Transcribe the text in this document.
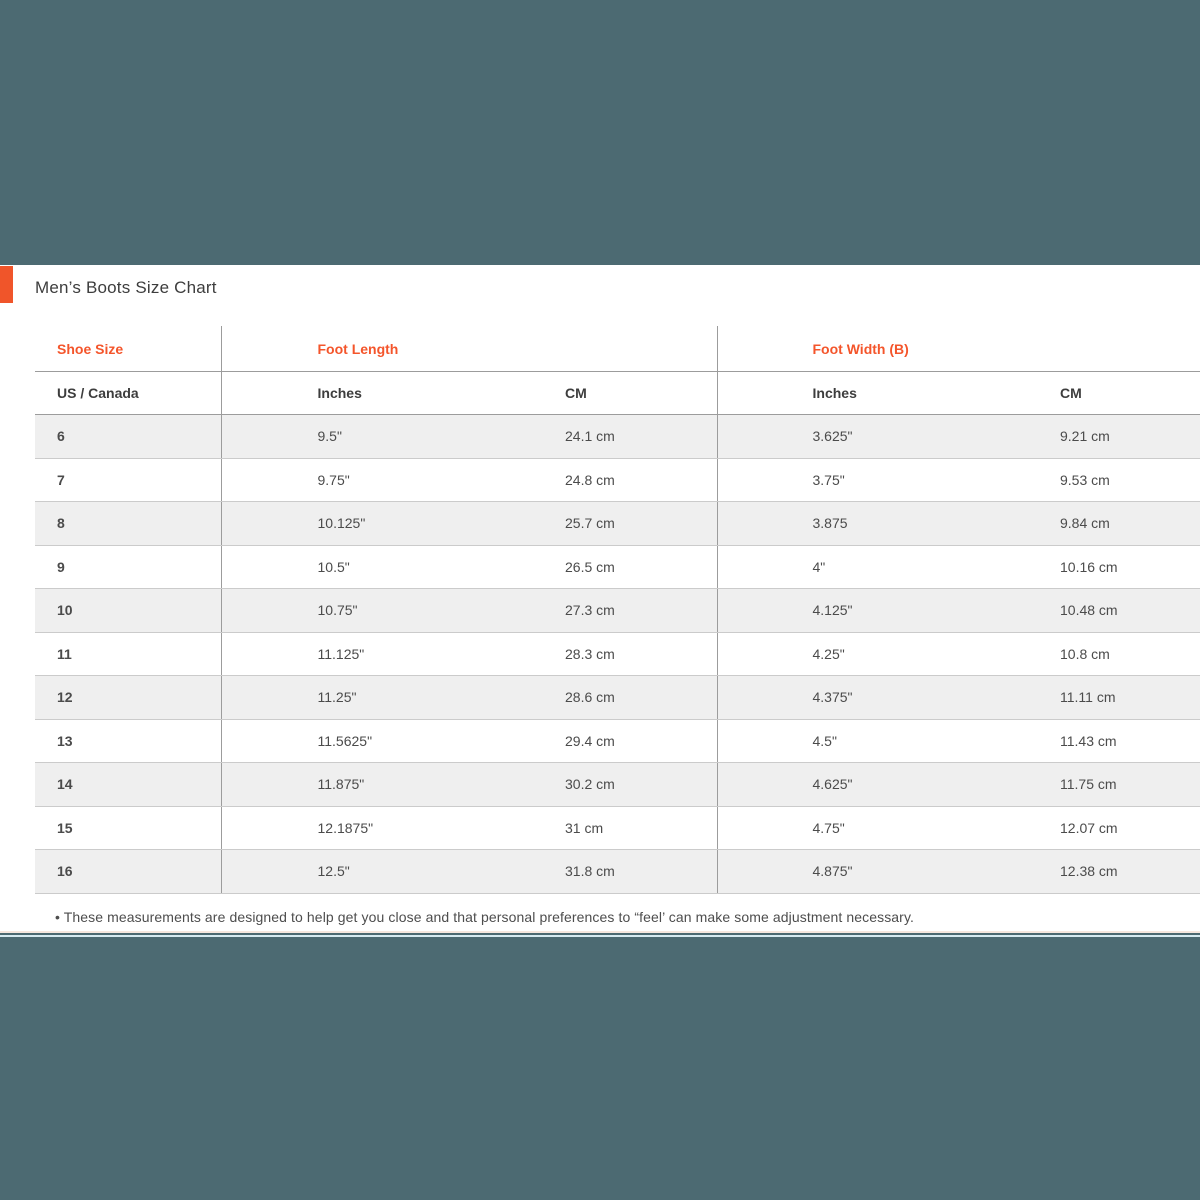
Men’s Boots Size Chart
Shoe Size	Foot Length		Foot Width (B)	
US / Canada	Inches	CM	Inches	CM
6	9.5"	24.1 cm	3.625"	9.21 cm
7	9.75"	24.8 cm	3.75"	9.53 cm
8	10.125"	25.7 cm	3.875	9.84 cm
9	10.5"	26.5 cm	4"	10.16 cm
10	10.75"	27.3 cm	4.125"	10.48 cm
11	11.125"	28.3 cm	4.25"	10.8 cm
12	11.25"	28.6 cm	4.375"	11.11 cm
13	11.5625"	29.4 cm	4.5"	11.43 cm
14	11.875"	30.2 cm	4.625"	11.75 cm
15	12.1875"	31 cm	4.75"	12.07 cm
16	12.5"	31.8 cm	4.875"	12.38 cm

• These measurements are designed to help get you close and that personal preferences to “feel’ can make some adjustment necessary.
